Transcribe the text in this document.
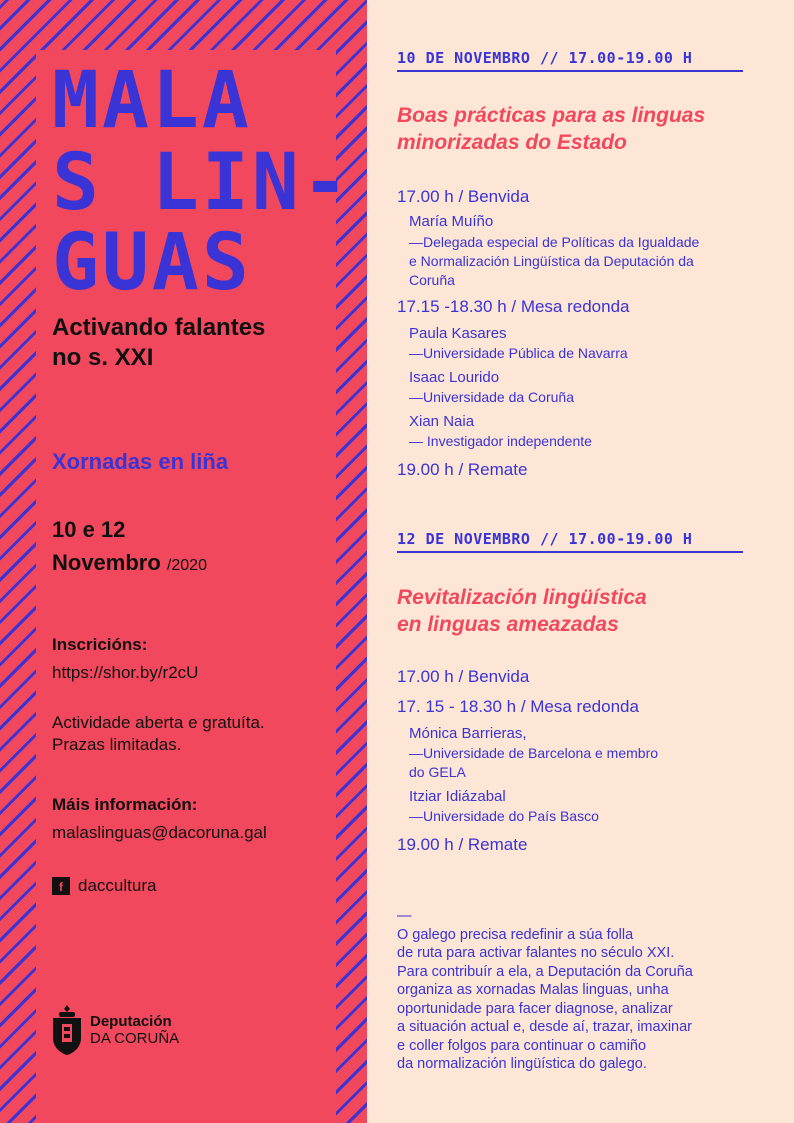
MALA
S LIN-
GUAS

Activando falantes
no s. XXI

Xornadas en liña

10 e 12
Novembro /2020

Inscricións:

https://shor.by/r2cU

Actividade aberta e gratuíta.
Prazas limitadas.

Máis información:

malaslinguas@dacoruna.gal

f daccultura
Deputación
DA CORUÑA
10 DE NOVEMBRO // 17.00-19.00 H

Boas prácticas para as linguas
minorizadas do Estado

17.00 h / Benvida

María Muíño

—Delegada especial de Políticas da Igualdade
e Normalización Lingüística da Deputación da
Coruña

17.15 -18.30 h / Mesa redonda

Paula Kasares

—Universidade Pública de Navarra

Isaac Lourido

—Universidade da Coruña

Xian Naia

— Investigador independente

19.00 h / Remate

12 DE NOVEMBRO // 17.00-19.00 H

Revitalización lingüística
en linguas ameazadas

17.00 h / Benvida

17. 15 - 18.30 h / Mesa redonda

Mónica Barrieras,

—Universidade de Barcelona e membro
do GELA

Itziar Idiázabal

—Universidade do País Basco

19.00 h / Remate

—
O galego precisa redefinir a súa folla
de ruta para activar falantes no século XXI.
Para contribuír a ela, a Deputación da Coruña
organiza as xornadas Malas linguas, unha
oportunidade para facer diagnose, analizar
a situación actual e, desde aí, trazar, imaxinar
e coller folgos para continuar o camiño
da normalización lingüística do galego.
